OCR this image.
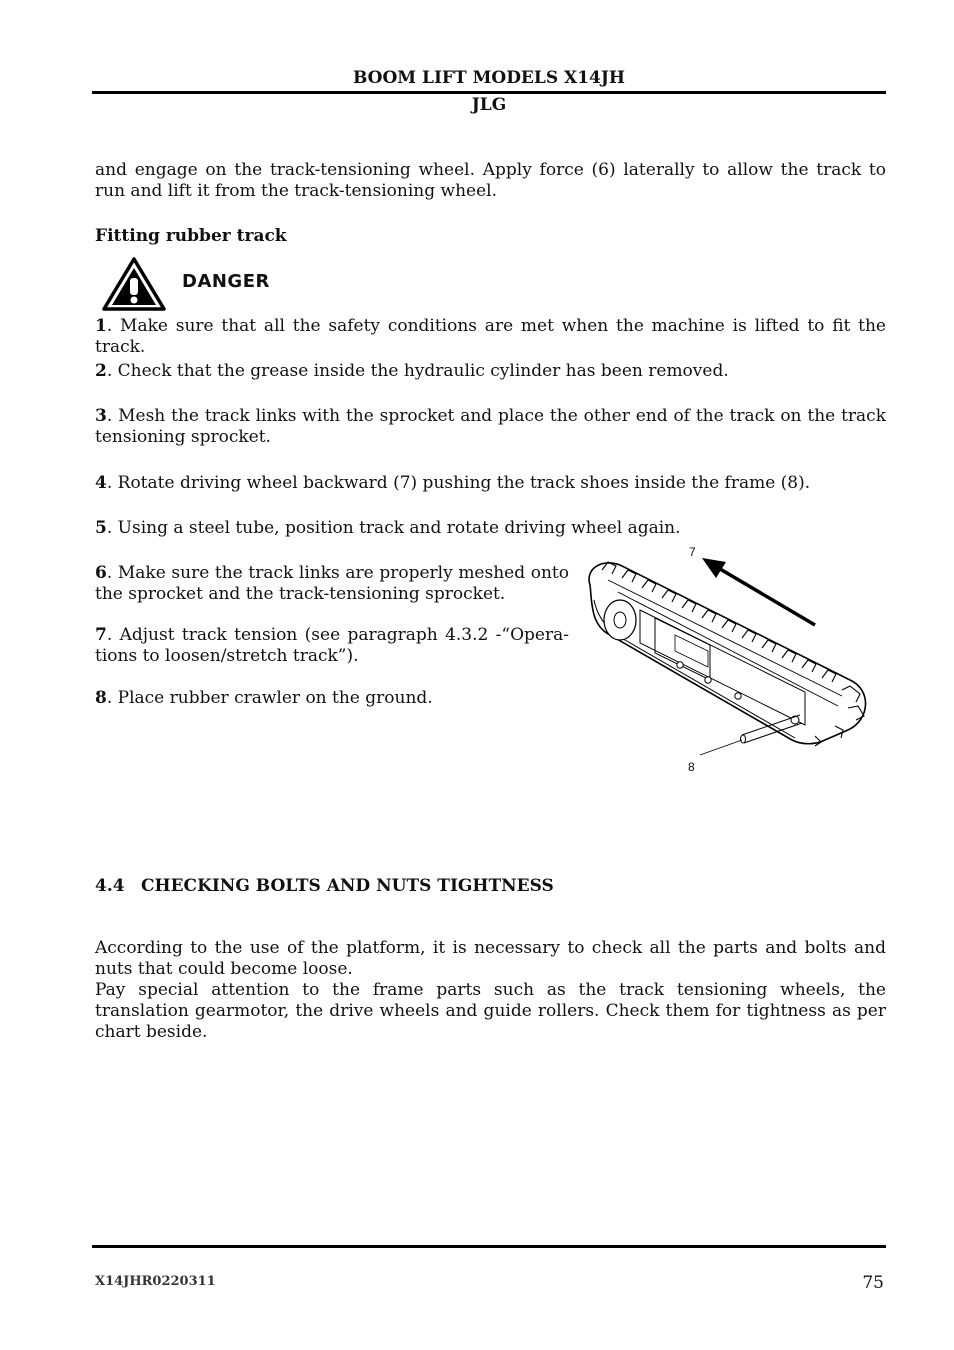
BOOM LIFT MODELS X14JH
JLG
and engage on the track-tensioning wheel. Apply force (6) laterally to allow the track to run and lift it from the track-tensioning wheel.
Fitting rubber track
DANGER
1. Make sure that all the safety conditions are met when the machine is lifted to fit the track.
2. Check that the grease inside the hydraulic cylinder has been removed.
3. Mesh the track links with the sprocket and place the other end of the track on the track tensioning sprocket.
4. Rotate driving wheel backward (7) pushing the track shoes inside the frame (8).
5. Using a steel tube, position track and rotate driving wheel again.
6. Make sure the track links are properly meshed onto the sprocket and the track-tensioning sprocket.
7. Adjust track tension (see paragraph 4.3.2 -“Opera-tions to loosen/stretch track”).
8. Place rubber crawler on the ground.
7
8
4.4 CHECKING BOLTS AND NUTS TIGHTNESS
According to the use of the platform, it is necessary to check all the parts and bolts and nuts that could become loose.
Pay special attention to the frame parts such as the track tensioning wheels, the translation gearmotor, the drive wheels and guide rollers. Check them for tightness as per chart beside.
X14JHR0220311	75
